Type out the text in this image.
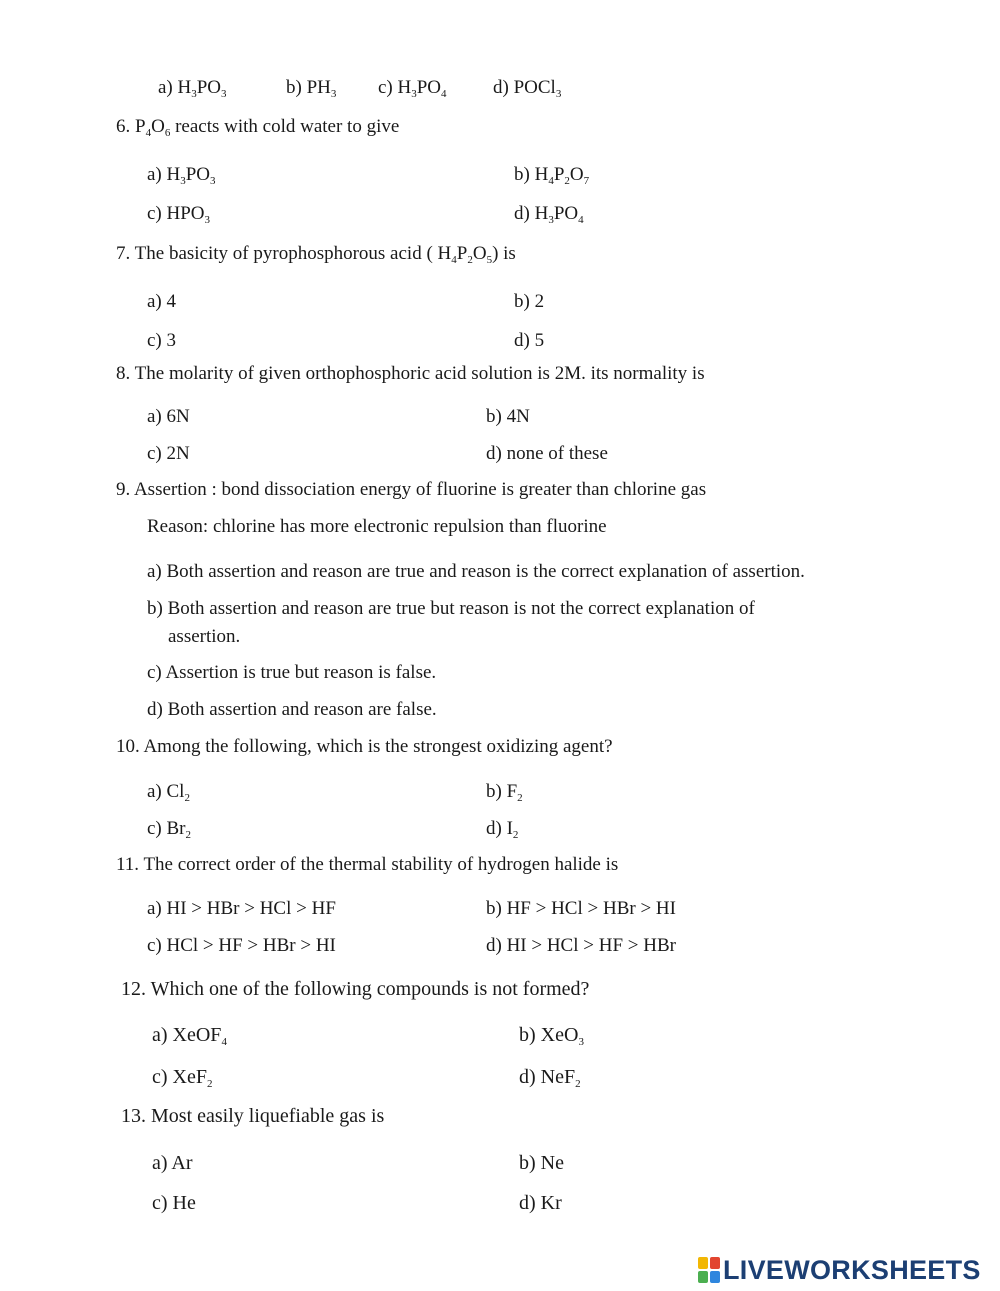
a) $H_3PO_3$	b) $PH_3$ c) $H_3PO_4$ d) POCl$_3$
6. $P_4O_6$ reacts with cold water to give
a) $H_3PO_3$	b) $H_4P_2O_7$
c) $HPO_3$	d) $H_3PO_4$
7. The basicity of pyrophosphorous acid ( $H_4P_2O_5$) is
a) 4	b) 2
c) 3	d) 5
8. The molarity of given orthophosphoric acid solution is 2M. its normality is
a) 6N	b) 4N
c) 2N	d) none of these
9. Assertion : bond dissociation energy of fluorine is greater than chlorine gas
Reason: chlorine has more electronic repulsion than fluorine
a) Both assertion and reason are true and reason is the correct explanation of assertion.
b) Both assertion and reason are true but reason is not the correct explanation of
assertion.
c) Assertion is true but reason is false.
d) Both assertion and reason are false.
10. Among the following, which is the strongest oxidizing agent?
a) $Cl_2$	b) $F_2$
c) $Br_2$	d) $I_2$
11. The correct order of the thermal stability of hydrogen halide is
a) HI > HBr > HCl > HF	b) HF > HCl > HBr > HI
c) HCl > HF > HBr > HI	d) HI > HCl > HF > HBr
12. Which one of the following compounds is not formed?
a) XeOF$_4$	b) XeO$_3$
c) XeF$_2$	d) NeF$_2$
13. Most easily liquefiable gas is
a) Ar	b) Ne
c) He	d) Kr
LIVEWORKSHEETS
